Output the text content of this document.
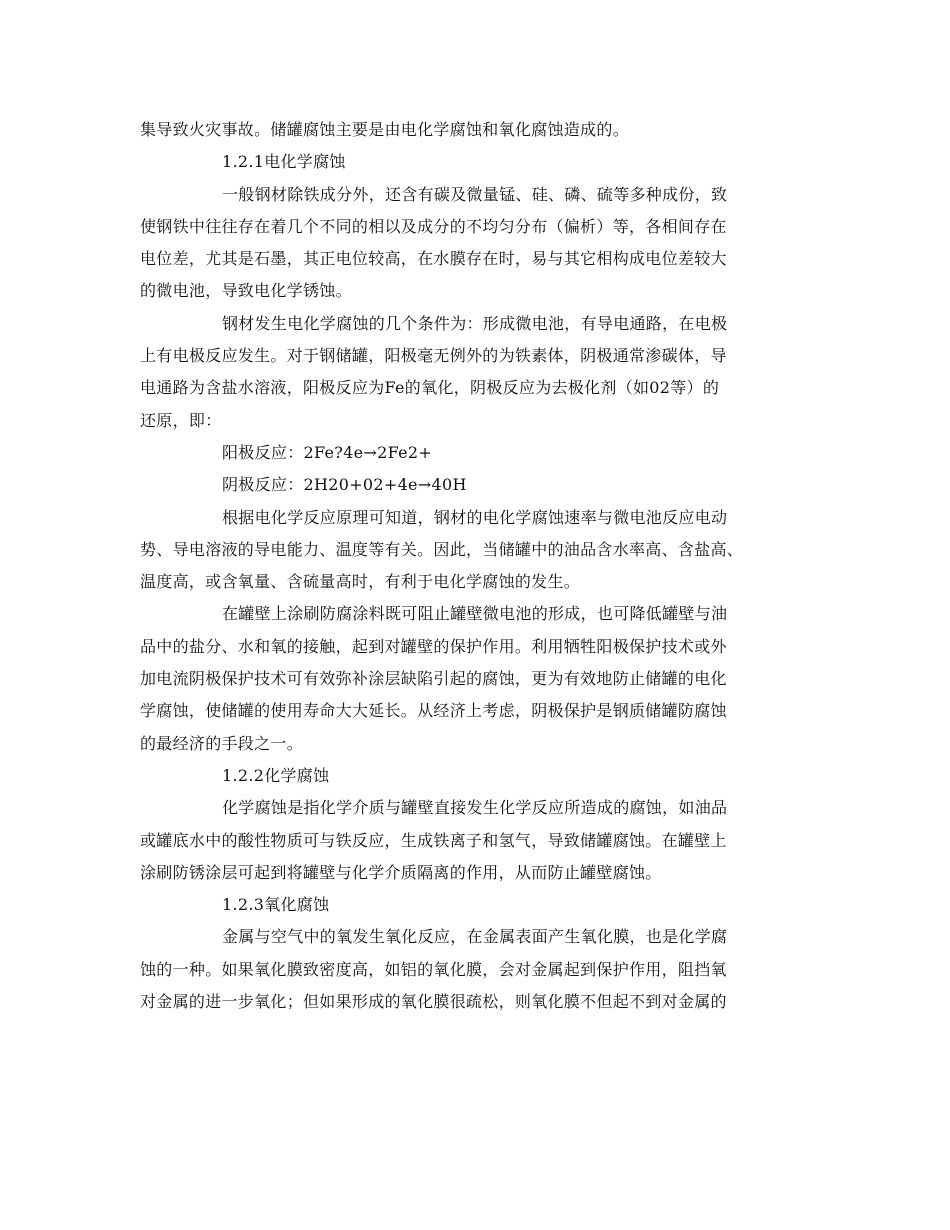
集导致火灾事故。储罐腐蚀主要是由电化学腐蚀和氧化腐蚀造成的。
1.2.1电化学腐蚀
一般钢材除铁成分外，还含有碳及微量锰、硅、磷、硫等多种成份，致
使钢铁中往往存在着几个不同的相以及成分的不均匀分布（偏析）等，各相间存在
电位差，尤其是石墨，其正电位较高，在水膜存在时，易与其它相构成电位差较大
的微电池，导致电化学锈蚀。
钢材发生电化学腐蚀的几个条件为：形成微电池，有导电通路，在电极
上有电极反应发生。对于钢储罐，阳极毫无例外的为铁素体，阴极通常渗碳体，导
电通路为含盐水溶液，阳极反应为Fe的氧化，阴极反应为去极化剂（如02等）的
还原，即：
阳极反应：2Fe?4e→2Fe2+
阴极反应：2H20+02+4e→40H
根据电化学反应原理可知道，钢材的电化学腐蚀速率与微电池反应电动
势、导电溶液的导电能力、温度等有关。因此，当储罐中的油品含水率高、含盐高、
温度高，或含氧量、含硫量高时，有利于电化学腐蚀的发生。
在罐壁上涂刷防腐涂料既可阻止罐壁微电池的形成，也可降低罐壁与油
品中的盐分、水和氧的接触，起到对罐壁的保护作用。利用牺牲阳极保护技术或外
加电流阴极保护技术可有效弥补涂层缺陷引起的腐蚀，更为有效地防止储罐的电化
学腐蚀，使储罐的使用寿命大大延长。从经济上考虑，阴极保护是钢质储罐防腐蚀
的最经济的手段之一。
1.2.2化学腐蚀
化学腐蚀是指化学介质与罐壁直接发生化学反应所造成的腐蚀，如油品
或罐底水中的酸性物质可与铁反应，生成铁离子和氢气，导致储罐腐蚀。在罐壁上
涂刷防锈涂层可起到将罐壁与化学介质隔离的作用，从而防止罐壁腐蚀。
1.2.3氧化腐蚀
金属与空气中的氧发生氧化反应，在金属表面产生氧化膜，也是化学腐
蚀的一种。如果氧化膜致密度高，如铝的氧化膜，会对金属起到保护作用，阻挡氧
对金属的进一步氧化；但如果形成的氧化膜很疏松，则氧化膜不但起不到对金属的
